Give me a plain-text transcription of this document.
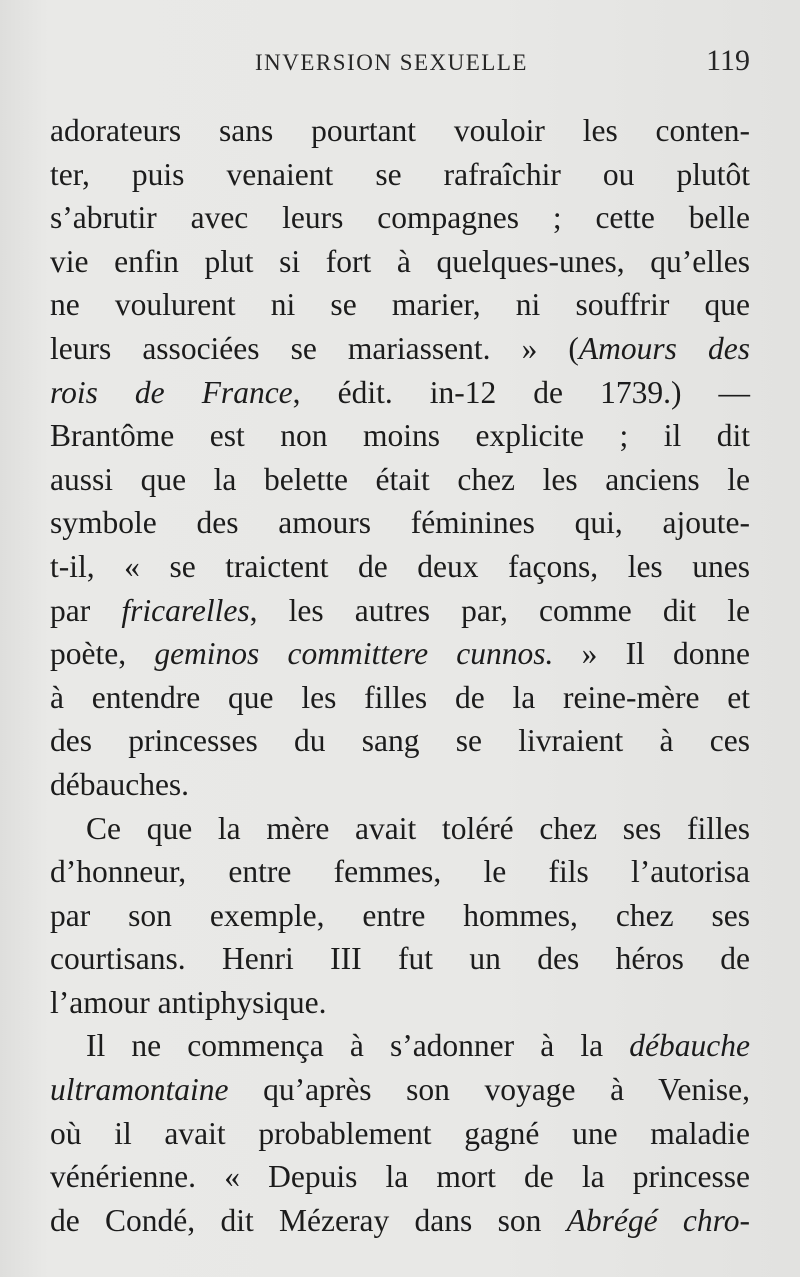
INVERSION SEXUELLE	119
adorateurs sans pourtant vouloir les conten-
ter, puis venaient se rafraîchir ou plutôt
s’abrutir avec leurs compagnes ; cette belle
vie enfin plut si fort à quelques-unes, qu’elles
ne voulurent ni se marier, ni souffrir que
leurs associées se mariassent. » (Amours des
rois de France, édit. in-12 de 1739.) —
Brantôme est non moins explicite ; il dit
aussi que la belette était chez les anciens le
symbole des amours féminines qui, ajoute-
t-il, « se traictent de deux façons, les unes
par fricarelles, les autres par, comme dit le
poète, geminos committere cunnos. » Il donne
à entendre que les filles de la reine-mère et
des princesses du sang se livraient à ces
débauches.
Ce que la mère avait toléré chez ses filles
d’honneur, entre femmes, le fils l’autorisa
par son exemple, entre hommes, chez ses
courtisans. Henri III fut un des héros de
l’amour antiphysique.
Il ne commença à s’adonner à la débauche
ultramontaine qu’après son voyage à Venise,
où il avait probablement gagné une maladie
vénérienne. « Depuis la mort de la princesse
de Condé, dit Mézeray dans son Abrégé chro-
